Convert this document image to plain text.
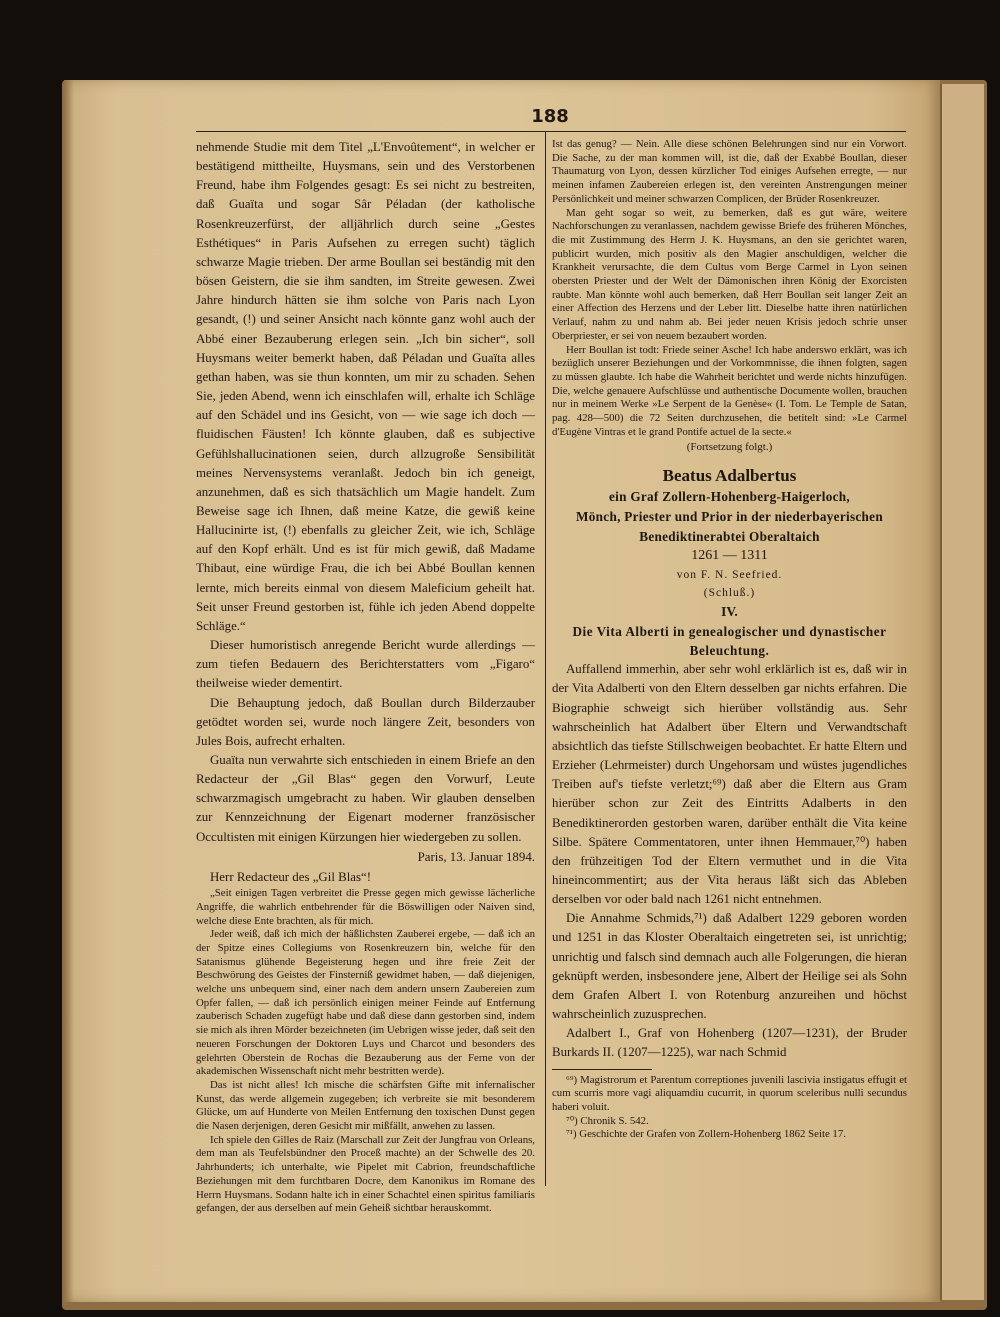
188

nehmende Studie mit dem Titel „L'Envoûtement“, in welcher er bestätigend mittheilte, Huysmans, sein und des Verstorbenen Freund, habe ihm Folgendes gesagt: Es sei nicht zu bestreiten, daß Guaïta und sogar Sâr Péladan (der katholische Rosenkreuzerfürst, der alljährlich durch seine „Gestes Esthétiques“ in Paris Aufsehen zu erregen sucht) täglich schwarze Magie trieben. Der arme Boullan sei beständig mit den bösen Geistern, die sie ihm sandten, im Streite gewesen. Zwei Jahre hindurch hätten sie ihm solche von Paris nach Lyon gesandt, (!) und seiner Ansicht nach könnte ganz wohl auch der Abbé einer Bezauberung erlegen sein. „Ich bin sicher“, soll Huysmans weiter bemerkt haben, daß Péladan und Guaïta alles gethan haben, was sie thun konnten, um mir zu schaden. Sehen Sie, jeden Abend, wenn ich einschlafen will, erhalte ich Schläge auf den Schädel und ins Gesicht, von — wie sage ich doch — fluidischen Fäusten! Ich könnte glauben, daß es subjective Gefühlshallucinationen seien, durch allzugroße Sensibilität meines Nervensystems veranlaßt. Jedoch bin ich geneigt, anzunehmen, daß es sich thatsächlich um Magie handelt. Zum Beweise sage ich Ihnen, daß meine Katze, die gewiß keine Hallucinirte ist, (!) ebenfalls zu gleicher Zeit, wie ich, Schläge auf den Kopf erhält. Und es ist für mich gewiß, daß Madame Thibaut, eine würdige Frau, die ich bei Abbé Boullan kennen lernte, mich bereits einmal von diesem Maleficium geheilt hat. Seit unser Freund gestorben ist, fühle ich jeden Abend doppelte Schläge.“

Dieser humoristisch anregende Bericht wurde allerdings — zum tiefen Bedauern des Berichterstatters vom „Figaro“ theilweise wieder dementirt.

Die Behauptung jedoch, daß Boullan durch Bilderzauber getödtet worden sei, wurde noch längere Zeit, besonders von Jules Bois, aufrecht erhalten.

Guaïta nun verwahrte sich entschieden in einem Briefe an den Redacteur der „Gil Blas“ gegen den Vorwurf, Leute schwarzmagisch umgebracht zu haben. Wir glauben denselben zur Kennzeichnung der Eigenart moderner französischer Occultisten mit einigen Kürzungen hier wiedergeben zu sollen.

Paris, 13. Januar 1894.

Herr Redacteur des „Gil Blas“!

„Seit einigen Tagen verbreitet die Presse gegen mich gewisse lächerliche Angriffe, die wahrlich entbehrender für die Böswilligen oder Naiven sind, welche diese Ente brachten, als für mich.

Jeder weiß, daß ich mich der häßlichsten Zauberei ergebe, — daß ich an der Spitze eines Collegiums von Rosenkreuzern bin, welche für den Satanismus glühende Begeisterung hegen und ihre freie Zeit der Beschwörung des Geistes der Finsterniß gewidmet haben, — daß diejenigen, welche uns unbequem sind, einer nach dem andern unsern Zaubereien zum Opfer fallen, — daß ich persönlich einigen meiner Feinde auf Entfernung zauberisch Schaden zugefügt habe und daß diese dann gestorben sind, indem sie mich als ihren Mörder bezeichneten (im Uebrigen wisse jeder, daß seit den neueren Forschungen der Doktoren Luys und Charcot und besonders des gelehrten Oberstein de Rochas die Bezauberung aus der Ferne von der akademischen Wissenschaft nicht mehr bestritten werde).

Das ist nicht alles! Ich mische die schärfsten Gifte mit infernalischer Kunst, das werde allgemein zugegeben; ich verbreite sie mit besonderem Glücke, um auf Hunderte von Meilen Entfernung den toxischen Dunst gegen die Nasen derjenigen, deren Gesicht mir mißfällt, anwehen zu lassen.

Ich spiele den Gilles de Raiz (Marschall zur Zeit der Jungfrau von Orleans, dem man als Teufelsbündner den Proceß machte) an der Schwelle des 20. Jahrhunderts; ich unterhalte, wie Pipelet mit Cabrion, freundschaftliche Beziehungen mit dem furchtbaren Docre, dem Kanonikus im Romane des Herrn Huysmans. Sodann halte ich in einer Schachtel einen spiritus familiaris gefangen, der aus derselben auf mein Geheiß sichtbar herauskommt.

Ist das genug? — Nein. Alle diese schönen Belehrungen sind nur ein Vorwort. Die Sache, zu der man kommen will, ist die, daß der Exabbé Boullan, dieser Thaumaturg von Lyon, dessen kürzlicher Tod einiges Aufsehen erregte, — nur meinen infamen Zaubereien erlegen ist, den vereinten Anstrengungen meiner Persönlichkeit und meiner schwarzen Complicen, der Brüder Rosenkreuzer.

Man geht sogar so weit, zu bemerken, daß es gut wäre, weitere Nachforschungen zu veranlassen, nachdem gewisse Briefe des früheren Mönches, die mit Zustimmung des Herrn J. K. Huysmans, an den sie gerichtet waren, publicirt wurden, mich positiv als den Magier anschuldigen, welcher die Krankheit verursachte, die dem Cultus vom Berge Carmel in Lyon seinen obersten Priester und der Welt der Dämonischen ihren König der Exorcisten raubte. Man könnte wohl auch bemerken, daß Herr Boullan seit langer Zeit an einer Affection des Herzens und der Leber litt. Dieselbe hatte ihren natürlichen Verlauf, nahm zu und nahm ab. Bei jeder neuen Krisis jedoch schrie unser Oberpriester, er sei von neuem bezaubert worden.

Herr Boullan ist todt: Friede seiner Asche! Ich habe anderswo erklärt, was ich bezüglich unserer Beziehungen und der Vorkommnisse, die ihnen folgten, sagen zu müssen glaubte. Ich habe die Wahrheit berichtet und werde nichts hinzufügen. Die, welche genauere Aufschlüsse und authentische Documente wollen, brauchen nur in meinem Werke »Le Serpent de la Genèse« (I. Tom. Le Temple de Satan, pag. 428—500) die 72 Seiten durchzusehen, die betitelt sind: »Le Carmel d'Eugène Vintras et le grand Pontife actuel de la secte.«

(Fortsetzung folgt.)

Beatus Adalbertus

ein Graf Zollern-Hohenberg-Haigerloch,

Mönch, Priester und Prior in der niederbayerischen Benediktinerabtei Oberaltaich

1261 — 1311

von F. N. Seefried.

(Schluß.)

IV.

Die Vita Alberti in genealogischer und dynastischer Beleuchtung.

Auffallend immerhin, aber sehr wohl erklärlich ist es, daß wir in der Vita Adalberti von den Eltern desselben gar nichts erfahren. Die Biographie schweigt sich hierüber vollständig aus. Sehr wahrscheinlich hat Adalbert über Eltern und Verwandtschaft absichtlich das tiefste Stillschweigen beobachtet. Er hatte Eltern und Erzieher (Lehrmeister) durch Ungehorsam und wüstes jugendliches Treiben auf's tiefste verletzt;⁶⁹) daß aber die Eltern aus Gram hierüber schon zur Zeit des Eintritts Adalberts in den Benediktinerorden gestorben waren, darüber enthält die Vita keine Silbe. Spätere Commentatoren, unter ihnen Hemmauer,⁷⁰) haben den frühzeitigen Tod der Eltern vermuthet und in die Vita hineincommentirt; aus der Vita heraus läßt sich das Ableben derselben vor oder bald nach 1261 nicht entnehmen.

Die Annahme Schmids,⁷¹) daß Adalbert 1229 geboren worden und 1251 in das Kloster Oberaltaich eingetreten sei, ist unrichtig; unrichtig und falsch sind demnach auch alle Folgerungen, die hieran geknüpft werden, insbesondere jene, Albert der Heilige sei als Sohn dem Grafen Albert I. von Rotenburg anzureihen und höchst wahrscheinlich zuzusprechen.

Adalbert I., Graf von Hohenberg (1207—1231), der Bruder Burkards II. (1207—1225), war nach Schmid

⁶⁹) Magistrorum et Parentum correptiones juvenili lascivia instigatus effugit et cum scurris more vagi aliquamdiu cucurrit, in quorum sceleribus nulli secundus haberi voluit.

⁷⁰) Chronik S. 542.

⁷¹) Geschichte der Grafen von Zollern-Hohenberg 1862 Seite 17.
